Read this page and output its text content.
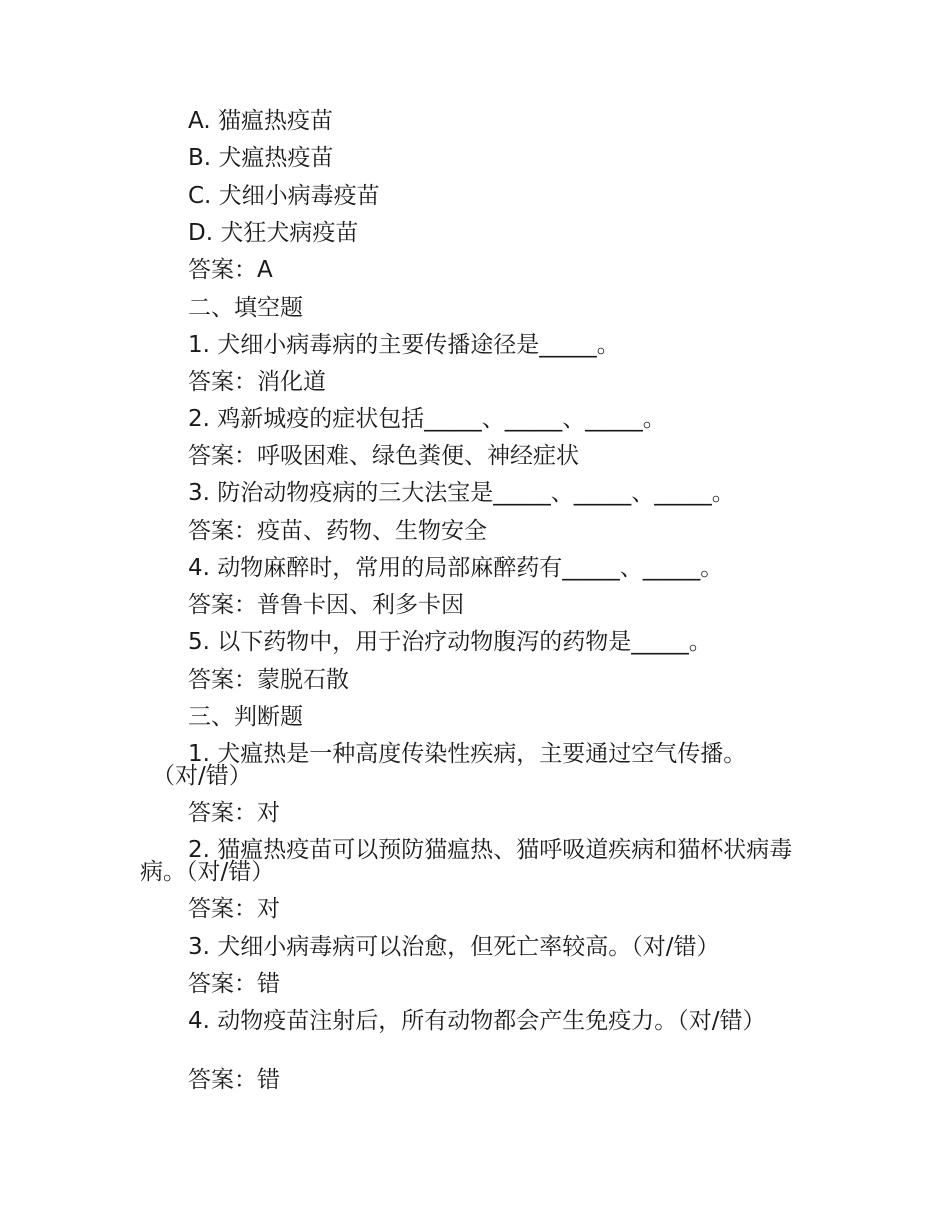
A. 猫瘟热疫苗
B. 犬瘟热疫苗
C. 犬细小病毒疫苗
D. 犬狂犬病疫苗
答案：A
二、填空题
1. 犬细小病毒病的主要传播途径是_____。
答案：消化道
2. 鸡新城疫的症状包括_____、_____、_____。
答案：呼吸困难、绿色粪便、神经症状
3. 防治动物疫病的三大法宝是_____、_____、_____。
答案：疫苗、药物、生物安全
4. 动物麻醉时，常用的局部麻醉药有_____、_____。
答案：普鲁卡因、利多卡因
5. 以下药物中，用于治疗动物腹泻的药物是_____。
答案：蒙脱石散
三、判断题
1. 犬瘟热是一种高度传染性疾病，主要通过空气传播。（对/错）
答案：对
2. 猫瘟热疫苗可以预防猫瘟热、猫呼吸道疾病和猫杯状病毒病。（对/错）
答案：对
3. 犬细小病毒病可以治愈，但死亡率较高。（对/错）
答案：错
4. 动物疫苗注射后，所有动物都会产生免疫力。（对/错）
答案：错
